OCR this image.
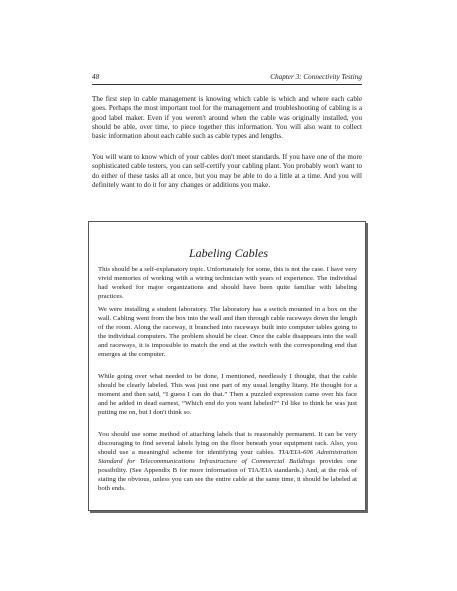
48	Chapter 3: Connectivity Testing

The first step in cable management is knowing which cable is which and where each cable goes. Perhaps the most important tool for the management and troubleshooting of cabling is a good label maker. Even if you weren't around when the cable was originally installed, you should be able, over time, to piece together this information. You will also want to collect basic information about each cable such as cable types and lengths.

You will want to know which of your cables don't meet standards. If you have one of the more sophisticated cable testers, you can self-certify your cabling plant. You probably won't want to do either of these tasks all at once, but you may be able to do a little at a time. And you will definitely want to do it for any changes or additions you make.

Labeling Cables

This should be a self-explanatory topic. Unfortunately for some, this is not the case. I have very vivid memories of working with a wiring technician with years of experience. The individual had worked for major organizations and should have been quite familiar with labeling practices.

We were installing a student laboratory. The laboratory has a switch mounted in a box on the wall. Cabling went from the box into the wall and then through cable raceways down the length of the room. Along the raceway, it branched into raceways built into computer tables going to the individual computers. The problem should be clear. Once the cable disappears into the wall and raceways, it is impossible to match the end at the switch with the corresponding end that emerges at the computer.

While going over what needed to be done, I mentioned, needlessly I thought, that the cable should be clearly labeled. This was just one part of my usual lengthy litany. He thought for a moment and then said, “I guess I can do that.” Then a puzzled expression came over his face and he added in dead earnest, “Which end do you want labeled?” I'd like to think he was just putting me on, but I don't think so.

You should use some method of attaching labels that is reasonably permanent. It can be very discouraging to find several labels lying on the floor beneath your equipment rack. Also, you should use a meaningful scheme for identifying your cables. TIA/EIA-606 Administration Standard for Telecommunications Infrastructure of Commercial Buildings provides one possibility. (See Appendix B for more information of TIA/EIA standards.) And, at the risk of stating the obvious, unless you can see the entire cable at the same time, it should be labeled at both ends.
